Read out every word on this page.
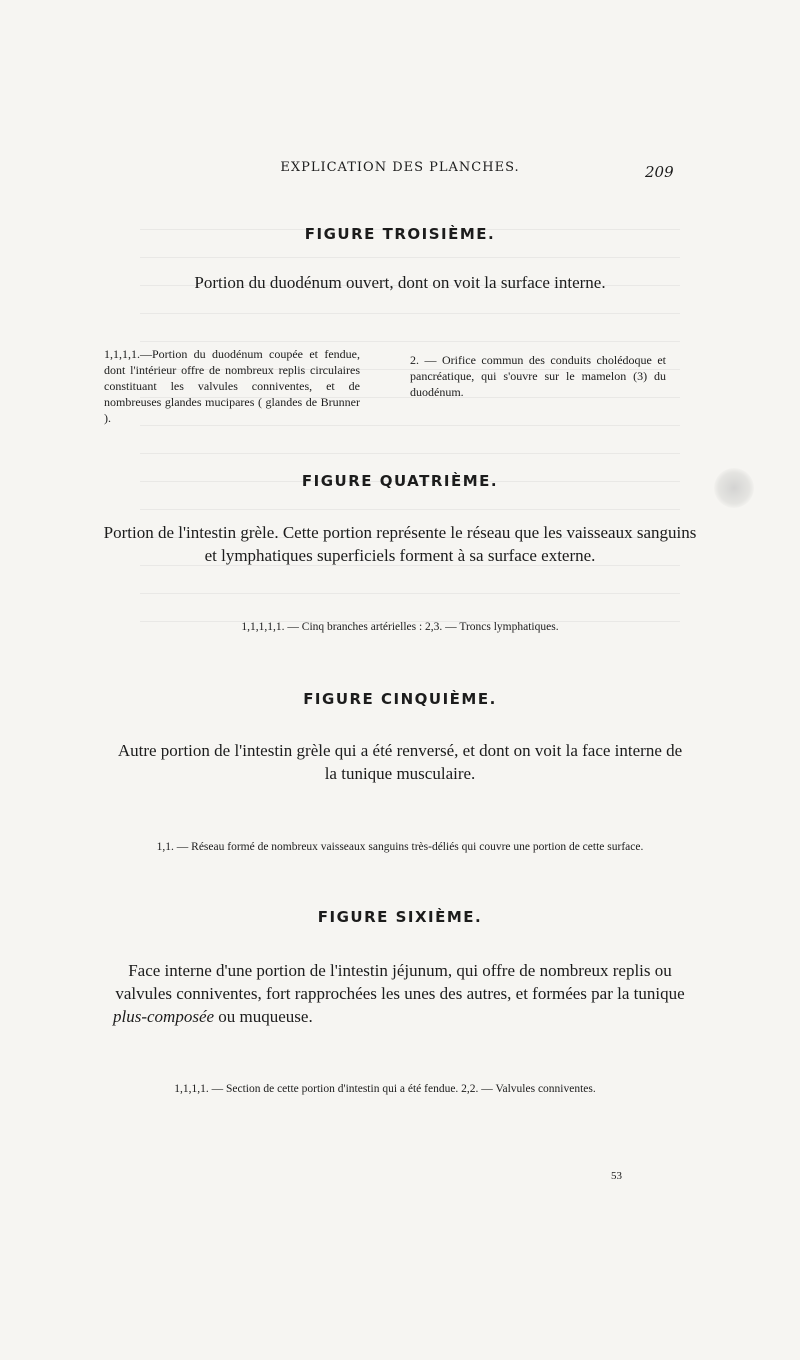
EXPLICATION DES PLANCHES.	209
FIGURE TROISIÈME.
Portion du duodénum ouvert, dont on voit la surface interne.
1,1,1,1.—Portion du duodénum coupée et fendue, dont l'intérieur offre de nombreux replis circulaires constituant les valvules conniventes, et de nombreuses glandes mucipares ( glandes de Brunner ).
2. — Orifice commun des conduits cholédoque et pancréatique, qui s'ouvre sur le mamelon (3) du duodénum.
FIGURE QUATRIÈME.
Portion de l'intestin grèle. Cette portion représente le réseau que les vaisseaux sanguins
et lymphatiques superficiels forment à sa surface externe.
1,1,1,1,1. — Cinq branches artérielles : 2,3. — Troncs lymphatiques.
FIGURE CINQUIÈME.
Autre portion de l'intestin grèle qui a été renversé, et dont on voit la face interne de
la tunique musculaire.
1,1. — Réseau formé de nombreux vaisseaux sanguins très-déliés qui couvre une portion de cette surface.
FIGURE SIXIÈME.
Face interne d'une portion de l'intestin jéjunum, qui offre de nombreux replis ou
valvules conniventes, fort rapprochées les unes des autres, et formées par la tunique
plus-composée ou muqueuse.
1,1,1,1. — Section de cette portion d'intestin qui a été fendue. 2,2. — Valvules conniventes.
53
